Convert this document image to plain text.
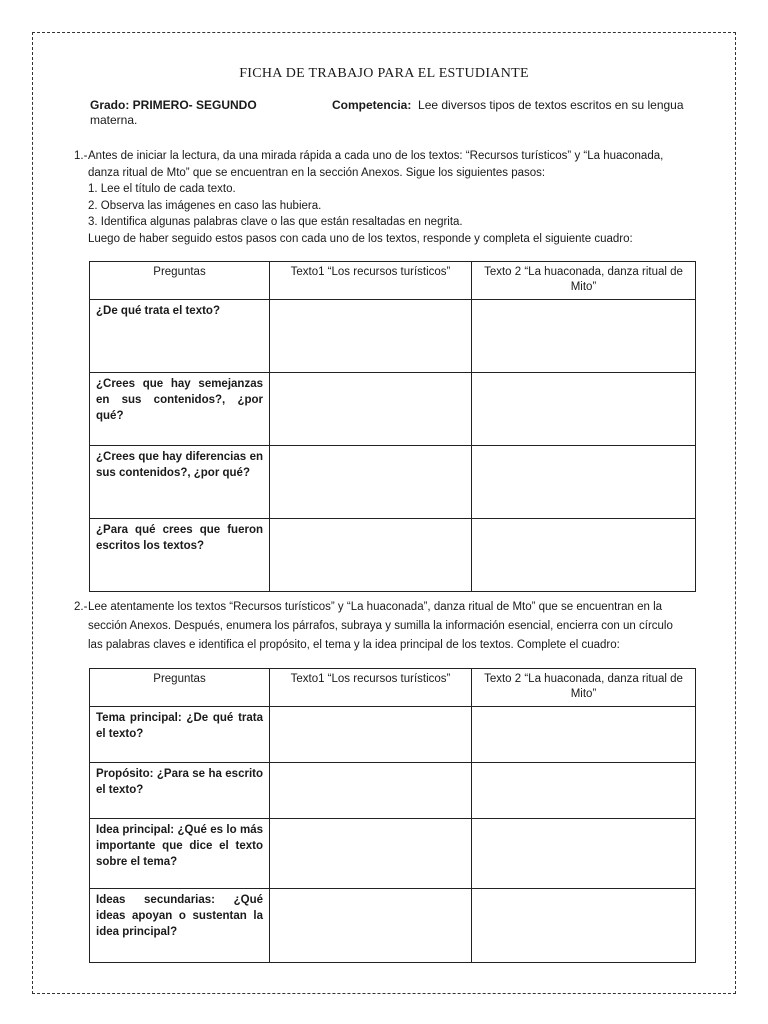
FICHA DE TRABAJO PARA EL ESTUDIANTE
Grado: PRIMERO- SEGUNDO	Competencia: Lee diversos tipos de textos escritos en su lengua
materna.
1.- Antes de iniciar la lectura, da una mirada rápida a cada uno de los textos: “Recursos turísticos” y “La huaconada,
danza ritual de Mto” que se encuentran en la sección Anexos. Sigue los siguientes pasos:
1. Lee el título de cada texto.
2. Observa las imágenes en caso las hubiera.
3. Identifica algunas palabras clave o las que están resaltadas en negrita.
Luego de haber seguido estos pasos con cada uno de los textos, responde y completa el siguiente cuadro:
Preguntas	Texto1 “Los recursos turísticos”	Texto 2 “La huaconada, danza ritual de Mito”
¿De qué trata el texto?		
¿Crees que hay semejanzas en sus contenidos?, ¿por qué?		
¿Crees que hay diferencias en sus contenidos?, ¿por qué?		
¿Para qué crees que fueron escritos los textos?		
2.- Lee atentamente los textos “Recursos turísticos” y “La huaconada”, danza ritual de Mto” que se encuentran en la
sección Anexos. Después, enumera los párrafos, subraya y sumilla la información esencial, encierra con un círculo
las palabras claves e identifica el propósito, el tema y la idea principal de los textos. Complete el cuadro:
Preguntas	Texto1 “Los recursos turísticos”	Texto 2 “La huaconada, danza ritual de Mito”
Tema principal: ¿De qué trata el texto?		
Propósito: ¿Para se ha escrito el texto?		
Idea principal: ¿Qué es lo más importante que dice el texto sobre el tema?		
Ideas secundarias: ¿Qué ideas apoyan o sustentan la idea principal?		
